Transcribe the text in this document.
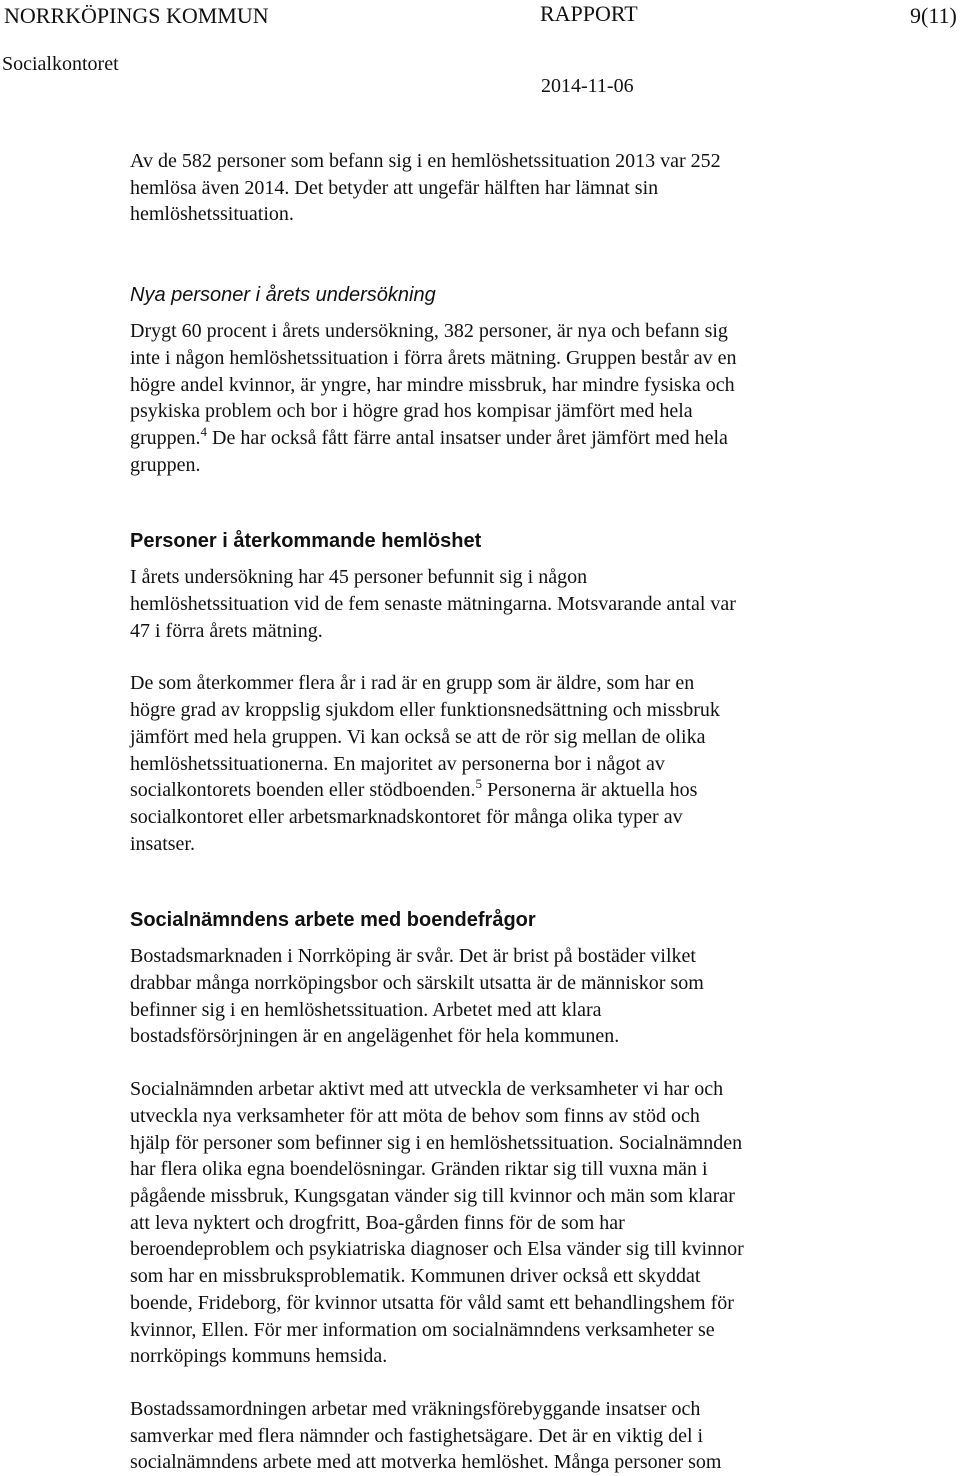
NORRKÖPINGS KOMMUN	RAPPORT	9(11)
Socialkontoret
2014-11-06

Av de 582 personer som befann sig i en hemlöshetssituation 2013 var 252
hemlösa även 2014. Det betyder att ungefär hälften har lämnat sin
hemlöshetssituation.

Nya personer i årets undersökning

Drygt 60 procent i årets undersökning, 382 personer, är nya och befann sig
inte i någon hemlöshetssituation i förra årets mätning. Gruppen består av en
högre andel kvinnor, är yngre, har mindre missbruk, har mindre fysiska och
psykiska problem och bor i högre grad hos kompisar jämfört med hela
gruppen.$^4$ De har också fått färre antal insatser under året jämfört med hela
gruppen.

Personer i återkommande hemlöshet

I årets undersökning har 45 personer befunnit sig i någon
hemlöshetssituation vid de fem senaste mätningarna. Motsvarande antal var
47 i förra årets mätning.

De som återkommer flera år i rad är en grupp som är äldre, som har en
högre grad av kroppslig sjukdom eller funktionsnedsättning och missbruk
jämfört med hela gruppen. Vi kan också se att de rör sig mellan de olika
hemlöshetssituationerna. En majoritet av personerna bor i något av
socialkontorets boenden eller stödboenden.$^5$ Personerna är aktuella hos
socialkontoret eller arbetsmarknadskontoret för många olika typer av
insatser.

Socialnämndens arbete med boendefrågor

Bostadsmarknaden i Norrköping är svår. Det är brist på bostäder vilket
drabbar många norrköpingsbor och särskilt utsatta är de människor som
befinner sig i en hemlöshetssituation. Arbetet med att klara
bostadsförsörjningen är en angelägenhet för hela kommunen.

Socialnämnden arbetar aktivt med att utveckla de verksamheter vi har och
utveckla nya verksamheter för att möta de behov som finns av stöd och
hjälp för personer som befinner sig i en hemlöshetssituation. Socialnämnden
har flera olika egna boendelösningar. Gränden riktar sig till vuxna män i
pågående missbruk, Kungsgatan vänder sig till kvinnor och män som klarar
att leva nyktert och drogfritt, Boa-gården finns för de som har
beroendeproblem och psykiatriska diagnoser och Elsa vänder sig till kvinnor
som har en missbruksproblematik. Kommunen driver också ett skyddat
boende, Frideborg, för kvinnor utsatta för våld samt ett behandlingshem för
kvinnor, Ellen. För mer information om socialnämndens verksamheter se
norrköpings kommuns hemsida.

Bostadssamordningen arbetar med vräkningsförebyggande insatser och
samverkar med flera nämnder och fastighetsägare. Det är en viktig del i
socialnämndens arbete med att motverka hemlöshet. Många personer som
